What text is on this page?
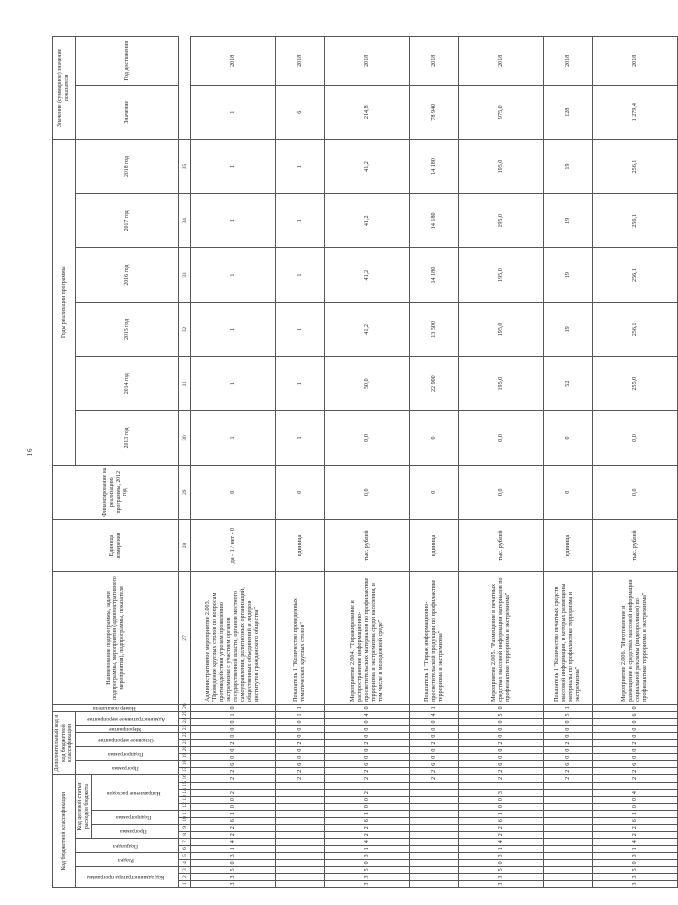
16
Код бюджетной классификации																Дополнительный код и код бюджетной классификации									Номер показателя	Наименование подпрограммы, задачи подпрограммы, мероприятия (административного мероприятия), подпрограммы, показателя	Единица измерения	Финансирование на реализацию программы, 2012 год	Годы реализации программы						Значение (суммарное) значение показателя	
Код администратора программы			Раздел		Подраздел		Код целевой статьи расходов бюджета									Программа		Подпрограмма		Основное мероприятие		Мероприятие	Административное мероприятие						2013 год	2014 год	2015 год	2016 год	2017 год	2018 год	Значение	Год достижения
							Программа		Подпрограмма		Направление расходов																									
1	2	3	4	5	6	7	8	9	10	11	12	13	14	15	16	17	18	19	20	21	22	23	24	25	26	27	28	29	30	31	32	33	34	35		
3	3	5	0	3	1	4	2	2	6	1	0	0	2		2	2	6	0	0	2	0	0	0	1	0	Административное мероприятие 2.003. "Проведение круглых столов по вопросам противодействия угрозам проявлению экстремизма с участием органов государственной власти, органов местного самоуправления, религиозных организаций, общественных объединений и лидеров институтов гражданского общества"	да - 1 / нет - 0	0	1	1	1	1	1	1	1	2018
															2	2	6	0	0	2	0	0	0	1	1	Показатель 1 "Количество проведенных тематических круглых столов"	единица	0	1	1	1	1	1	1	6	2018
3	3	5	0	3	1	4	2	2	6	1	0	0	2		2	2	6	0	0	2	0	0	0	4	0	Мероприятие 2.004. "Тиражирование и распространение информационно-просветительских материалов по профилактике терроризма и экстремизма среди населения, в том числе в молодежной среде"	тыс. рублей	0,0	0,0	50,0	41,2	41,2	41,2	41,2	214,8	2018
															2	2	6	0	0	2	0	0	0	4	1	Показатель 1 "Тираж информационно-просветительской продукции по профилактике терроризма и экстремизма"	единица	0	0	22 900	13 500	14 180	14 180	14 180	78 940	2018
3	3	5	0	3	1	4	2	2	6	1	0	0	3		2	2	6	0	0	2	0	0	0	5	0	Мероприятие 2.005. "Размещение в печатных средствах массовой информации материалов по профилактике терроризма и экстремизма"	тыс. рублей	0,0	0,0	195,0	195,0	195,0	195,0	195,0	975,0	2018
															2	2	6	0	0	2	0	0	0	5	1	Показатель 1 "Количество печатных средств массовой информации, в которых размещены материалы по профилактике терроризма и экстремизма"	единица	0	0	52	19	19	19	19	128	2018
3	3	5	0	3	1	4	2	2	6	1	0	0	4		2	2	6	0	0	2	0	0	0	6	0	Мероприятие 2.006. "Изготовление и размещение в средствах массовой информации социальной рекламы (видеороликов) по профилактике терроризма и экстремизма"	тыс. рублей	0,0	0,0	255,0	256,1	256,1	256,1	256,1	1 279,4	2018
